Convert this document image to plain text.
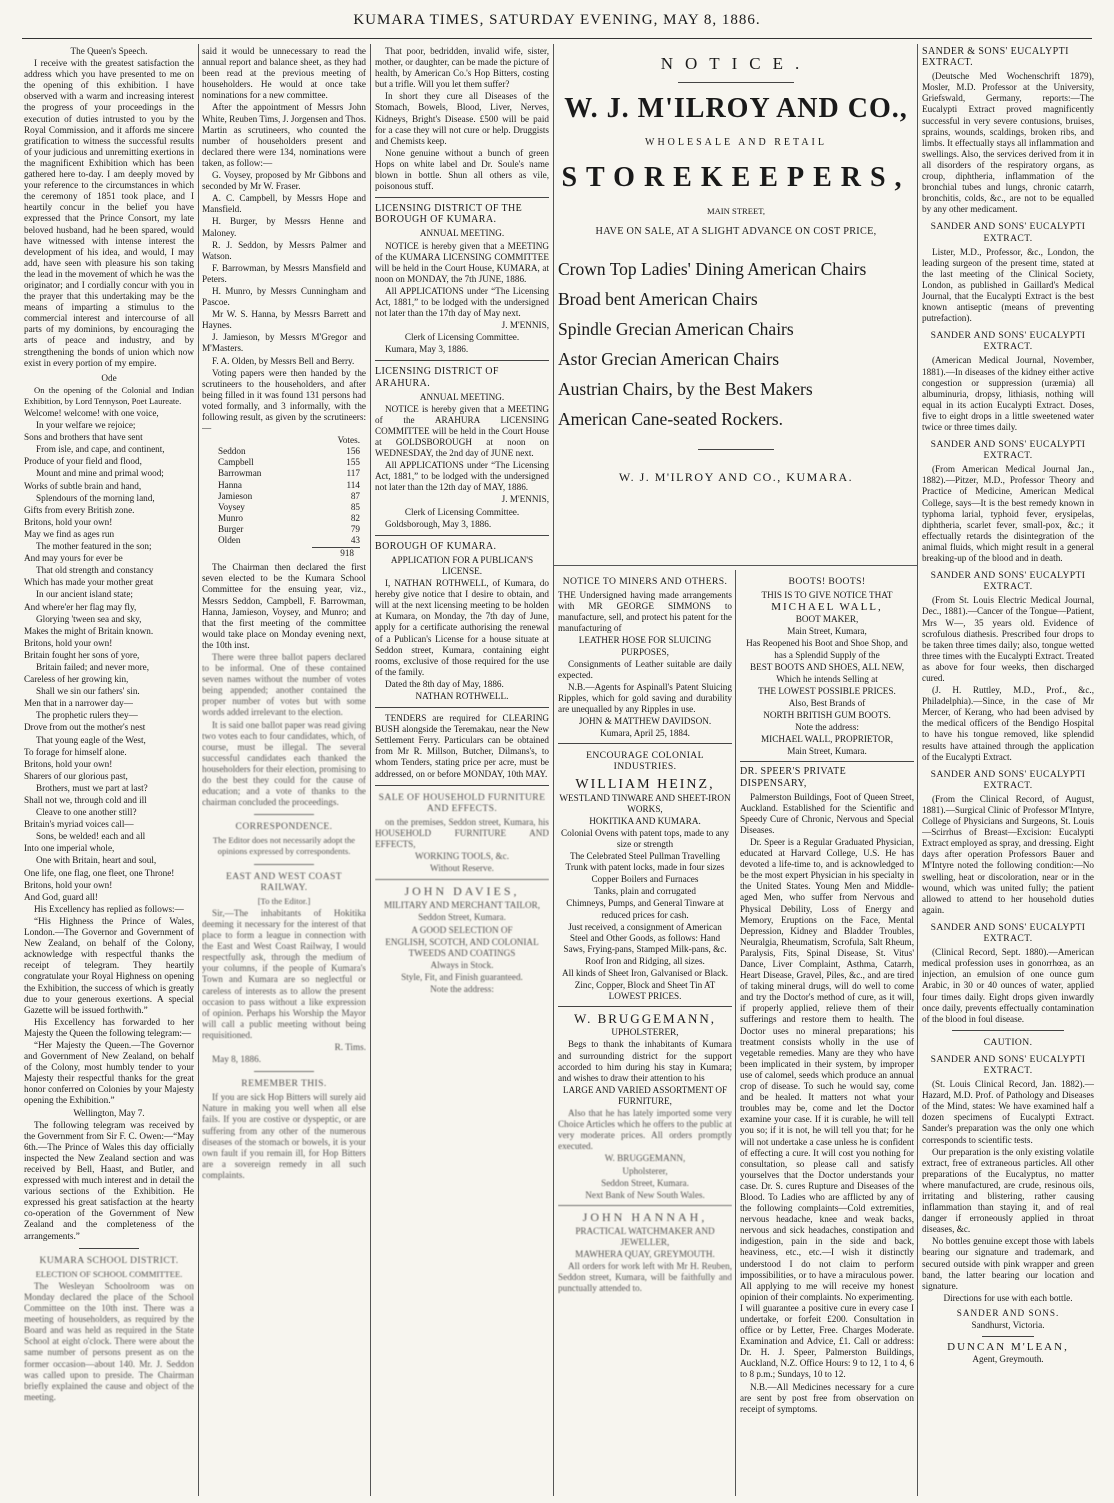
KUMARA TIMES, SATURDAY EVENING, MAY 8, 1886.

The Queen's Speech.

I receive with the greatest satisfaction the address which you have presented to me on the opening of this exhibition. I have observed with a warm and increasing interest the progress of your proceedings in the execution of duties intrusted to you by the Royal Commission, and it affords me sincere gratification to witness the successful results of your judicious and unremitting exertions in the magnificent Exhibition which has been gathered here to-day. I am deeply moved by your reference to the circumstances in which the ceremony of 1851 took place, and I heartily concur in the belief you have expressed that the Prince Consort, my late beloved husband, had he been spared, would have witnessed with intense interest the development of his idea, and would, I may add, have seen with pleasure his son taking the lead in the movement of which he was the originator; and I cordially concur with you in the prayer that this undertaking may be the means of imparting a stimulus to the commercial interest and intercourse of all parts of my dominions, by encouraging the arts of peace and industry, and by strengthening the bonds of union which now exist in every portion of my empire.

Ode

On the opening of the Colonial and Indian Exhibition, by Lord Tennyson, Poet Laureate.

Welcome! welcome! with one voice,

In your welfare we rejoice;

Sons and brothers that have sent

From isle, and cape, and continent,

Produce of your field and flood,

Mount and mine and primal wood;

Works of subtle brain and hand,

Splendours of the morning land,

Gifts from every British zone.

Britons, hold your own!

May we find as ages run

The mother featured in the son;

And may yours for ever be

That old strength and constancy

Which has made your mother great

In our ancient island state;

And where'er her flag may fly,

Glorying 'tween sea and sky,

Makes the might of Britain known.

Britons, hold your own!

Britain fought her sons of yore,

Britain failed; and never more,

Careless of her growing kin,

Shall we sin our fathers' sin.

Men that in a narrower day—

The prophetic rulers they—

Drove from out the mother's nest

That young eagle of the West,

To forage for himself alone.

Britons, hold your own!

Sharers of our glorious past,

Brothers, must we part at last?

Shall not we, through cold and ill

Cleave to one another still?

Britain's myriad voices call—

Sons, be welded! each and all

Into one imperial whole,

One with Britain, heart and soul,

One life, one flag, one fleet, one Throne!

Britons, hold your own!

And God, guard all!

His Excellency has replied as follows:—

“His Highness the Prince of Wales, London.—The Governor and Government of New Zealand, on behalf of the Colony, acknowledge with respectful thanks the receipt of telegram. They heartily congratulate your Royal Highness on opening the Exhibition, the success of which is greatly due to your generous exertions. A special Gazette will be issued forthwith.”

His Excellency has forwarded to her Majesty the Queen the following telegram:—

“Her Majesty the Queen.—The Governor and Government of New Zealand, on behalf of the Colony, most humbly tender to your Majesty their respectful thanks for the great honor conferred on Colonies by your Majesty opening the Exhibition.”

Wellington, May 7.

The following telegram was received by the Government from Sir F. C. Owen:—“May 6th.—The Prince of Wales this day officially inspected the New Zealand section and was received by Bell, Haast, and Butler, and expressed with much interest and in detail the various sections of the Exhibition. He expressed his great satisfaction at the hearty co-operation of the Government of New Zealand and the completeness of the arrangements.”

KUMARA SCHOOL DISTRICT.

ELECTION OF SCHOOL COMMITTEE.

The Wesleyan Schoolroom was on Monday declared the place of the School Committee on the 10th inst. There was a meeting of householders, as required by the Board and was held as required in the State School at eight o'clock. There were about the same number of persons present as on the former occasion—about 140. Mr. J. Seddon was called upon to preside. The Chairman briefly explained the cause and object of the meeting.

said it would be unnecessary to read the annual report and balance sheet, as they had been read at the previous meeting of householders. He would at once take nominations for a new committee.

After the appointment of Messrs John White, Reuben Tims, J. Jorgensen and Thos. Martin as scrutineers, who counted the number of householders present and declared there were 134, nominations were taken, as follow:—

G. Voysey, proposed by Mr Gibbons and seconded by Mr W. Fraser.

A. C. Campbell, by Messrs Hope and Mansfield.

H. Burger, by Messrs Henne and Maloney.

R. J. Seddon, by Messrs Palmer and Watson.

F. Barrowman, by Messrs Mansfield and Peters.

H. Munro, by Messrs Cunningham and Pascoe.

Mr W. S. Hanna, by Messrs Barrett and Haynes.

J. Jamieson, by Messrs M'Gregor and M'Masters.

F. A. Olden, by Messrs Bell and Berry.

Voting papers were then handed by the scrutineers to the householders, and after being filled in it was found 131 persons had voted formally, and 3 informally, with the following result, as given by the scrutineers:—

Votes.
Seddon	156
Campbell	155
Barrowman	117
Hanna	114
Jamieson	87
Voysey	85
Munro	82
Burger	79
Olden	43
918

The Chairman then declared the first seven elected to be the Kumara School Committee for the ensuing year, viz., Messrs Seddon, Campbell, F. Barrowman, Hanna, Jamieson, Voysey, and Munro; and that the first meeting of the committee would take place on Monday evening next, the 10th inst.

There were three ballot papers declared to be informal. One of these contained seven names without the number of votes being appended; another contained the proper number of votes but with some words added irrelevant to the election.

It is said one ballot paper was read giving two votes each to four candidates, which, of course, must be illegal. The several successful candidates each thanked the householders for their election, promising to do the best they could for the cause of education; and a vote of thanks to the chairman concluded the proceedings.

CORRESPONDENCE.

The Editor does not necessarily adopt the opinions expressed by correspondents.

EAST AND WEST COAST RAILWAY.

[To the Editor.]

Sir,—The inhabitants of Hokitika deeming it necessary for the interest of that place to form a league in connection with the East and West Coast Railway, I would respectfully ask, through the medium of your columns, if the people of Kumara's Town and Kumara are so neglectful or careless of interests as to allow the present occasion to pass without a like expression of opinion. Perhaps his Worship the Mayor will call a public meeting without being requisitioned.

R. Tims.

May 8, 1886.

REMEMBER THIS.

If you are sick Hop Bitters will surely aid Nature in making you well when all else fails. If you are costive or dyspeptic, or are suffering from any other of the numerous diseases of the stomach or bowels, it is your own fault if you remain ill, for Hop Bitters are a sovereign remedy in all such complaints.

That poor, bedridden, invalid wife, sister, mother, or daughter, can be made the picture of health, by American Co.'s Hop Bitters, costing but a trifle. Will you let them suffer?

In short they cure all Diseases of the Stomach, Bowels, Blood, Liver, Nerves, Kidneys, Bright's Disease. £500 will be paid for a case they will not cure or help. Druggists and Chemists keep.

None genuine without a bunch of green Hops on white label and Dr. Soule's name blown in bottle. Shun all others as vile, poisonous stuff.

LICENSING DISTRICT OF THE BOROUGH OF KUMARA.

ANNUAL MEETING.

NOTICE is hereby given that a MEETING of the KUMARA LICENSING COMMITTEE will be held in the Court House, KUMARA, at noon on MONDAY, the 7th JUNE, 1886.

All APPLICATIONS under “The Licensing Act, 1881,” to be lodged with the undersigned not later than the 17th day of May next.

J. M'ENNIS,

Clerk of Licensing Committee.

Kumara, May 3, 1886.

LICENSING DISTRICT OF ARAHURA.

ANNUAL MEETING.

NOTICE is hereby given that a MEETING of the ARAHURA LICENSING COMMITTEE will be held in the Court House at GOLDSBOROUGH at noon on WEDNESDAY, the 2nd day of JUNE next.

All APPLICATIONS under “The Licensing Act, 1881,” to be lodged with the undersigned not later than the 12th day of MAY, 1886.

J. M'ENNIS,

Clerk of Licensing Committee.

Goldsborough, May 3, 1886.

BOROUGH OF KUMARA.

APPLICATION FOR A PUBLICAN'S LICENSE.

I, NATHAN ROTHWELL, of Kumara, do hereby give notice that I desire to obtain, and will at the next licensing meeting to be holden at Kumara, on Monday, the 7th day of June, apply for a certificate authorising the renewal of a Publican's License for a house situate at Seddon street, Kumara, containing eight rooms, exclusive of those required for the use of the family.

Dated the 8th day of May, 1886.

NATHAN ROTHWELL.

TENDERS are required for CLEARING BUSH alongside the Teremakau, near the New Settlement Ferry. Particulars can be obtained from Mr R. Millson, Butcher, Dilmans's, to whom Tenders, stating price per acre, must be addressed, on or before MONDAY, 10th MAY.

SALE OF HOUSEHOLD FURNITURE AND EFFECTS.

on the premises, Seddon street, Kumara, his HOUSEHOLD FURNITURE AND EFFECTS,

WORKING TOOLS, &c.

Without Reserve.

JOHN DAVIES,

MILITARY AND MERCHANT TAILOR,

Seddon Street, Kumara.

A GOOD SELECTION OF

ENGLISH, SCOTCH, AND COLONIAL TWEEDS AND COATINGS

Always in Stock.

Style, Fit, and Finish guaranteed.

Note the address:

NOTICE.
W. J. M'ILROY AND CO.,
WHOLESALE AND RETAIL
STOREKEEPERS,
MAIN STREET,
HAVE ON SALE, AT A SLIGHT ADVANCE ON COST PRICE,

Crown Top Ladies' Dining American Chairs

Broad bent American Chairs

Spindle Grecian American Chairs

Astor Grecian American Chairs

Austrian Chairs, by the Best Makers

American Cane-seated Rockers.

W. J. M'ILROY AND CO., KUMARA.

NOTICE TO MINERS AND OTHERS.

THE Undersigned having made arrangements with MR GEORGE SIMMONS to manufacture, sell, and protect his patent for the manufacturing of

LEATHER HOSE FOR SLUICING PURPOSES,

Consignments of Leather suitable are daily expected.

N.B.—Agents for Aspinall's Patent Sluicing Ripples, which for gold saving and durability are unequalled by any Ripples in use.

JOHN & MATTHEW DAVIDSON.

Kumara, April 25, 1884.

ENCOURAGE COLONIAL INDUSTRIES.

WILLIAM HEINZ,

WESTLAND TINWARE AND SHEET-IRON WORKS,

HOKITIKA AND KUMARA.

Colonial Ovens with patent tops, made to any size or strength

The Celebrated Steel Pullman Travelling Trunk with patent locks, made in four sizes

Copper Boilers and Furnaces

Tanks, plain and corrugated

Chimneys, Pumps, and General Tinware at reduced prices for cash.

Just received, a consignment of American Steel and Other Goods, as follows: Hand Saws, Frying-pans, Stamped Milk-pans, &c.

Roof Iron and Ridging, all sizes.

All kinds of Sheet Iron, Galvanised or Black.

Zinc, Copper, Block and Sheet Tin AT LOWEST PRICES.

W. BRUGGEMANN,

UPHOLSTERER,

Begs to thank the inhabitants of Kumara and surrounding district for the support accorded to him during his stay in Kumara; and wishes to draw their attention to his

LARGE AND VARIED ASSORTMENT OF FURNITURE,

Also that he has lately imported some very Choice Articles which he offers to the public at very moderate prices. All orders promptly executed.

W. BRUGGEMANN,

Upholsterer,

Seddon Street, Kumara.

Next Bank of New South Wales.

JOHN HANNAH,

PRACTICAL WATCHMAKER AND JEWELLER,

MAWHERA QUAY, GREYMOUTH.

All orders for work left with Mr H. Reuben, Seddon street, Kumara, will be faithfully and punctually attended to.

BOOTS! BOOTS!

THIS IS TO GIVE NOTICE THAT

MICHAEL WALL,

BOOT MAKER,

Main Street, Kumara,

Has Reopened his Boot and Shoe Shop, and has a Splendid Supply of the

BEST BOOTS AND SHOES, ALL NEW,

Which he intends Selling at

THE LOWEST POSSIBLE PRICES.

Also, Best Brands of

NORTH BRITISH GUM BOOTS.

Note the address:

MICHAEL WALL, PROPRIETOR,

Main Street, Kumara.

DR. SPEER'S PRIVATE DISPENSARY,

Palmerston Buildings, Foot of Queen Street, Auckland. Established for the Scientific and Speedy Cure of Chronic, Nervous and Special Diseases.

Dr. Speer is a Regular Graduated Physician, educated at Harvard College, U.S. He has devoted a life-time to, and is acknowledged to be the most expert Physician in his specialty in the United States. Young Men and Middle-aged Men, who suffer from Nervous and Physical Debility, Loss of Energy and Memory, Eruptions on the Face, Mental Depression, Kidney and Bladder Troubles, Neuralgia, Rheumatism, Scrofula, Salt Rheum, Paralysis, Fits, Spinal Disease, St. Vitus' Dance, Liver Complaint, Asthma, Catarrh, Heart Disease, Gravel, Piles, &c., and are tired of taking mineral drugs, will do well to come and try the Doctor's method of cure, as it will, if properly applied, relieve them of their sufferings and restore them to health. The Doctor uses no mineral preparations; his treatment consists wholly in the use of vegetable remedies. Many are they who have been implicated in their system, by improper use of calomel, seeds which produce an annual crop of disease. To such he would say, come and be healed. It matters not what your troubles may be, come and let the Doctor examine your case. If it is curable, he will tell you so; if it is not, he will tell you that; for he will not undertake a case unless he is confident of effecting a cure. It will cost you nothing for consultation, so please call and satisfy yourselves that the Doctor understands your case. Dr. S. cures Rupture and Diseases of the Blood. To Ladies who are afflicted by any of the following complaints—Cold extremities, nervous headache, knee and weak backs, nervous and sick headaches, constipation and indigestion, pain in the side and back, heaviness, etc., etc.—I wish it distinctly understood I do not claim to perform impossibilities, or to have a miraculous power. All applying to me will receive my honest opinion of their complaints. No experimenting. I will guarantee a positive cure in every case I undertake, or forfeit £200. Consultation in office or by Letter, Free. Charges Moderate. Examination and Advice, £1. Call or address: Dr. H. J. Speer, Palmerston Buildings, Auckland, N.Z. Office Hours: 9 to 12, 1 to 4, 6 to 8 p.m.; Sundays, 10 to 12.

N.B.—All Medicines necessary for a cure are sent by post free from observation on receipt of symptoms.

SANDER & SONS' EUCALYPTI EXTRACT.

(Deutsche Med Wochenschrift 1879), Mosler, M.D. Professor at the University, Griefswald, Germany, reports:—The Eucalypti Extract proved magnificently successful in very severe contusions, bruises, sprains, wounds, scaldings, broken ribs, and limbs. It effectually stays all inflammation and swellings. Also, the services derived from it in all disorders of the respiratory organs, as croup, diphtheria, inflammation of the bronchial tubes and lungs, chronic catarrh, bronchitis, colds, &c., are not to be equalled by any other medicament.

SANDER AND SONS' EUCALYPTI EXTRACT.

Lister, M.D., Professor, &c., London, the leading surgeon of the present time, stated at the last meeting of the Clinical Society, London, as published in Gaillard's Medical Journal, that the Eucalypti Extract is the best known antiseptic (means of preventing putrefaction).

SANDER AND SONS' EUCALYPTI EXTRACT.

(American Medical Journal, November, 1881).—In diseases of the kidney either active congestion or suppression (uræmia) all albuminuria, dropsy, lithiasis, nothing will equal in its action Eucalypti Extract. Doses, five to eight drops in a little sweetened water twice or three times daily.

SANDER AND SONS' EUCALYPTI EXTRACT.

(From American Medical Journal Jan., 1882).—Pitzer, M.D., Professor Theory and Practice of Medicine, American Medical College, says—It is the best remedy known in typhoma larial, typhoid fever, erysipelas, diphtheria, scarlet fever, small-pox, &c.; it effectually retards the disintegration of the animal fluids, which might result in a general breaking-up of the blood and in death.

SANDER AND SONS' EUCALYPTI EXTRACT.

(From St. Louis Electric Medical Journal, Dec., 1881).—Cancer of the Tongue—Patient, Mrs W—, 35 years old. Evidence of scrofulous diathesis. Prescribed four drops to be taken three times daily; also, tongue wetted three times with the Eucalypti Extract. Treated as above for four weeks, then discharged cured.

(J. H. Ruttley, M.D., Prof., &c., Philadelphia).—Since, in the case of Mr Mercer, of Kerang, who had been advised by the medical officers of the Bendigo Hospital to have his tongue removed, like splendid results have attained through the application of the Eucalypti Extract.

SANDER AND SONS' EUCALYPTI EXTRACT.

(From the Clinical Record, of August, 1881).—Surgical Clinic of Professor M'Intyre, College of Physicians and Surgeons, St. Louis—Scirrhus of Breast—Excision: Eucalypti Extract employed as spray, and dressing. Eight days after operation Professors Bauer and M'Intyre noted the following condition:—No swelling, heat or discoloration, near or in the wound, which was united fully; the patient allowed to attend to her household duties again.

SANDER AND SONS' EUCALYPTI EXTRACT.

(Clinical Record, Sept. 1880).—American medical profession uses in gonorrhœa, as an injection, an emulsion of one ounce gum Arabic, in 30 or 40 ounces of water, applied four times daily. Eight drops given inwardly once daily, prevents effectually contamination of the blood in foul disease.

CAUTION.

SANDER AND SONS' EUCALYPTI EXTRACT.

(St. Louis Clinical Record, Jan. 1882).—Hazard, M.D. Prof. of Pathology and Diseases of the Mind, states: We have examined half a dozen specimens of Eucalypti Extract. Sander's preparation was the only one which corresponds to scientific tests.

Our preparation is the only existing volatile extract, free of extraneous particles. All other preparations of the Eucalyptus, no matter where manufactured, are crude, resinous oils, irritating and blistering, rather causing inflammation than staying it, and of real danger if erroneously applied in throat diseases, &c.

No bottles genuine except those with labels bearing our signature and trademark, and secured outside with pink wrapper and green band, the latter bearing our location and signature.

Directions for use with each bottle.

SANDER AND SONS.

Sandhurst, Victoria.

DUNCAN M'LEAN,

Agent, Greymouth.
